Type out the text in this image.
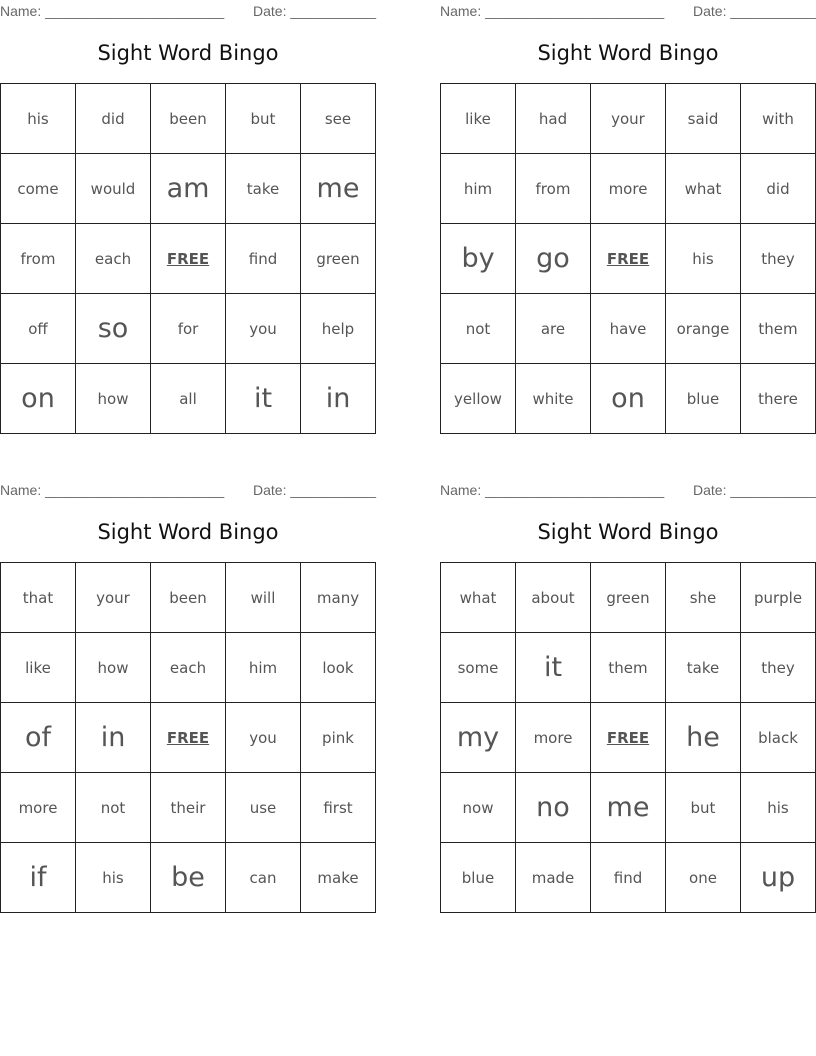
Name: _______________________ Date: ___________
Sight Word Bingo
his	did	been	but	see
come	would	am	take	me
from	each	FREE	find	green
off	so	for	you	help
on	how	all	it	in
Name: _______________________ Date: ___________
Sight Word Bingo
like	had	your	said	with
him	from	more	what	did
by	go	FREE	his	they
not	are	have	orange	them
yellow	white	on	blue	there
Name: _______________________ Date: ___________
Sight Word Bingo
that	your	been	will	many
like	how	each	him	look
of	in	FREE	you	pink
more	not	their	use	first
if	his	be	can	make
Name: _______________________ Date: ___________
Sight Word Bingo
what	about	green	she	purple
some	it	them	take	they
my	more	FREE	he	black
now	no	me	but	his
blue	made	find	one	up
